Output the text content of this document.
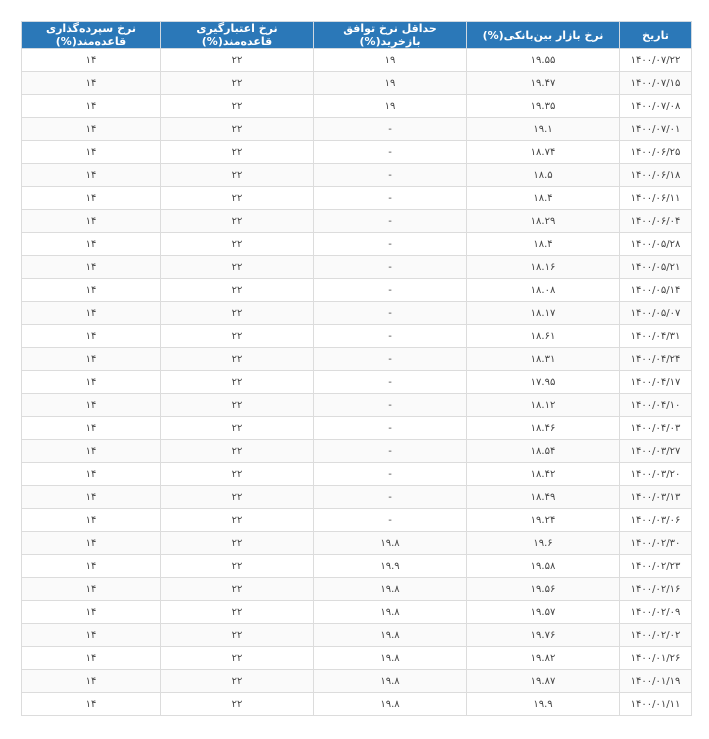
تاریخ	نرخ بازار بین‌بانکی(%)	حداقل نرخ توافق بازخرید(%)	نرخ اعتبارگیری قاعده‌مند(%)	نرخ سپرده‌گذاری قاعده‌مند(%)
۱۴۰۰/۰۷/۲۲	۱۹.۵۵	۱۹	۲۲	۱۴
۱۴۰۰/۰۷/۱۵	۱۹.۴۷	۱۹	۲۲	۱۴
۱۴۰۰/۰۷/۰۸	۱۹.۳۵	۱۹	۲۲	۱۴
۱۴۰۰/۰۷/۰۱	۱۹.۱	-	۲۲	۱۴
۱۴۰۰/۰۶/۲۵	۱۸.۷۴	-	۲۲	۱۴
۱۴۰۰/۰۶/۱۸	۱۸.۵	-	۲۲	۱۴
۱۴۰۰/۰۶/۱۱	۱۸.۴	-	۲۲	۱۴
۱۴۰۰/۰۶/۰۴	۱۸.۲۹	-	۲۲	۱۴
۱۴۰۰/۰۵/۲۸	۱۸.۴	-	۲۲	۱۴
۱۴۰۰/۰۵/۲۱	۱۸.۱۶	-	۲۲	۱۴
۱۴۰۰/۰۵/۱۴	۱۸.۰۸	-	۲۲	۱۴
۱۴۰۰/۰۵/۰۷	۱۸.۱۷	-	۲۲	۱۴
۱۴۰۰/۰۴/۳۱	۱۸.۶۱	-	۲۲	۱۴
۱۴۰۰/۰۴/۲۴	۱۸.۳۱	-	۲۲	۱۴
۱۴۰۰/۰۴/۱۷	۱۷.۹۵	-	۲۲	۱۴
۱۴۰۰/۰۴/۱۰	۱۸.۱۲	-	۲۲	۱۴
۱۴۰۰/۰۴/۰۳	۱۸.۴۶	-	۲۲	۱۴
۱۴۰۰/۰۳/۲۷	۱۸.۵۴	-	۲۲	۱۴
۱۴۰۰/۰۳/۲۰	۱۸.۴۲	-	۲۲	۱۴
۱۴۰۰/۰۳/۱۳	۱۸.۴۹	-	۲۲	۱۴
۱۴۰۰/۰۳/۰۶	۱۹.۲۴	-	۲۲	۱۴
۱۴۰۰/۰۲/۳۰	۱۹.۶	۱۹.۸	۲۲	۱۴
۱۴۰۰/۰۲/۲۳	۱۹.۵۸	۱۹.۹	۲۲	۱۴
۱۴۰۰/۰۲/۱۶	۱۹.۵۶	۱۹.۸	۲۲	۱۴
۱۴۰۰/۰۲/۰۹	۱۹.۵۷	۱۹.۸	۲۲	۱۴
۱۴۰۰/۰۲/۰۲	۱۹.۷۶	۱۹.۸	۲۲	۱۴
۱۴۰۰/۰۱/۲۶	۱۹.۸۲	۱۹.۸	۲۲	۱۴
۱۴۰۰/۰۱/۱۹	۱۹.۸۷	۱۹.۸	۲۲	۱۴
۱۴۰۰/۰۱/۱۱	۱۹.۹	۱۹.۸	۲۲	۱۴
